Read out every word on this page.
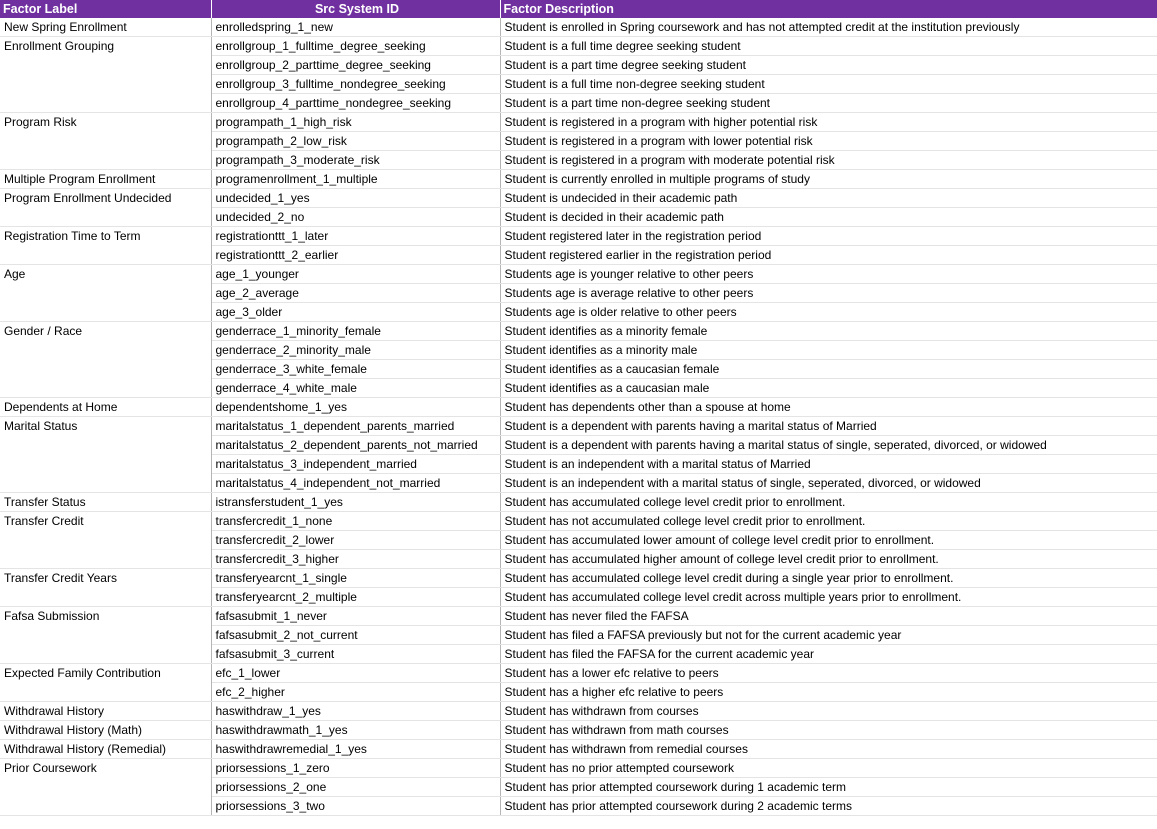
Factor Label	Src System ID	Factor Description
New Spring Enrollment	enrolledspring_1_new	Student is enrolled in Spring coursework and has not attempted credit at the institution previously
Enrollment Grouping	enrollgroup_1_fulltime_degree_seeking	Student is a full time degree seeking student
	enrollgroup_2_parttime_degree_seeking	Student is a part time degree seeking student
	enrollgroup_3_fulltime_nondegree_seeking	Student is a full time non-degree seeking student
	enrollgroup_4_parttime_nondegree_seeking	Student is a part time non-degree seeking student
Program Risk	programpath_1_high_risk	Student is registered in a program with higher potential risk
	programpath_2_low_risk	Student is registered in a program with lower potential risk
	programpath_3_moderate_risk	Student is registered in a program with moderate potential risk
Multiple Program Enrollment	programenrollment_1_multiple	Student is currently enrolled in multiple programs of study
Program Enrollment Undecided	undecided_1_yes	Student is undecided in their academic path
	undecided_2_no	Student is decided in their academic path
Registration Time to Term	registrationttt_1_later	Student registered later in the registration period
	registrationttt_2_earlier	Student registered earlier in the registration period
Age	age_1_younger	Students age is younger relative to other peers
	age_2_average	Students age is average relative to other peers
	age_3_older	Students age is older relative to other peers
Gender / Race	genderrace_1_minority_female	Student identifies as a minority female
	genderrace_2_minority_male	Student identifies as a minority male
	genderrace_3_white_female	Student identifies as a caucasian female
	genderrace_4_white_male	Student identifies as a caucasian male
Dependents at Home	dependentshome_1_yes	Student has dependents other than a spouse at home
Marital Status	maritalstatus_1_dependent_parents_married	Student is a dependent with parents having a marital status of Married
	maritalstatus_2_dependent_parents_not_married	Student is a dependent with parents having a marital status of single, seperated, divorced, or widowed
	maritalstatus_3_independent_married	Student is an independent with a marital status of Married
	maritalstatus_4_independent_not_married	Student is an independent with a marital status of single, seperated, divorced, or widowed
Transfer Status	istransferstudent_1_yes	Student has accumulated college level credit prior to enrollment.
Transfer Credit	transfercredit_1_none	Student has not accumulated college level credit prior to enrollment.
	transfercredit_2_lower	Student has accumulated lower amount of college level credit prior to enrollment.
	transfercredit_3_higher	Student has accumulated higher amount of college level credit prior to enrollment.
Transfer Credit Years	transferyearcnt_1_single	Student has accumulated college level credit during a single year prior to enrollment.
	transferyearcnt_2_multiple	Student has accumulated college level credit across multiple years prior to enrollment.
Fafsa Submission	fafsasubmit_1_never	Student has never filed the FAFSA
	fafsasubmit_2_not_current	Student has filed a FAFSA previously but not for the current academic year
	fafsasubmit_3_current	Student has filed the FAFSA for the current academic year
Expected Family Contribution	efc_1_lower	Student has a lower efc relative to peers
	efc_2_higher	Student has a higher efc relative to peers
Withdrawal History	haswithdraw_1_yes	Student has withdrawn from courses
Withdrawal History (Math)	haswithdrawmath_1_yes	Student has withdrawn from math courses
Withdrawal History (Remedial)	haswithdrawremedial_1_yes	Student has withdrawn from remedial courses
Prior Coursework	priorsessions_1_zero	Student has no prior attempted coursework
	priorsessions_2_one	Student has prior attempted coursework during 1 academic term
	priorsessions_3_two	Student has prior attempted coursework during 2 academic terms
